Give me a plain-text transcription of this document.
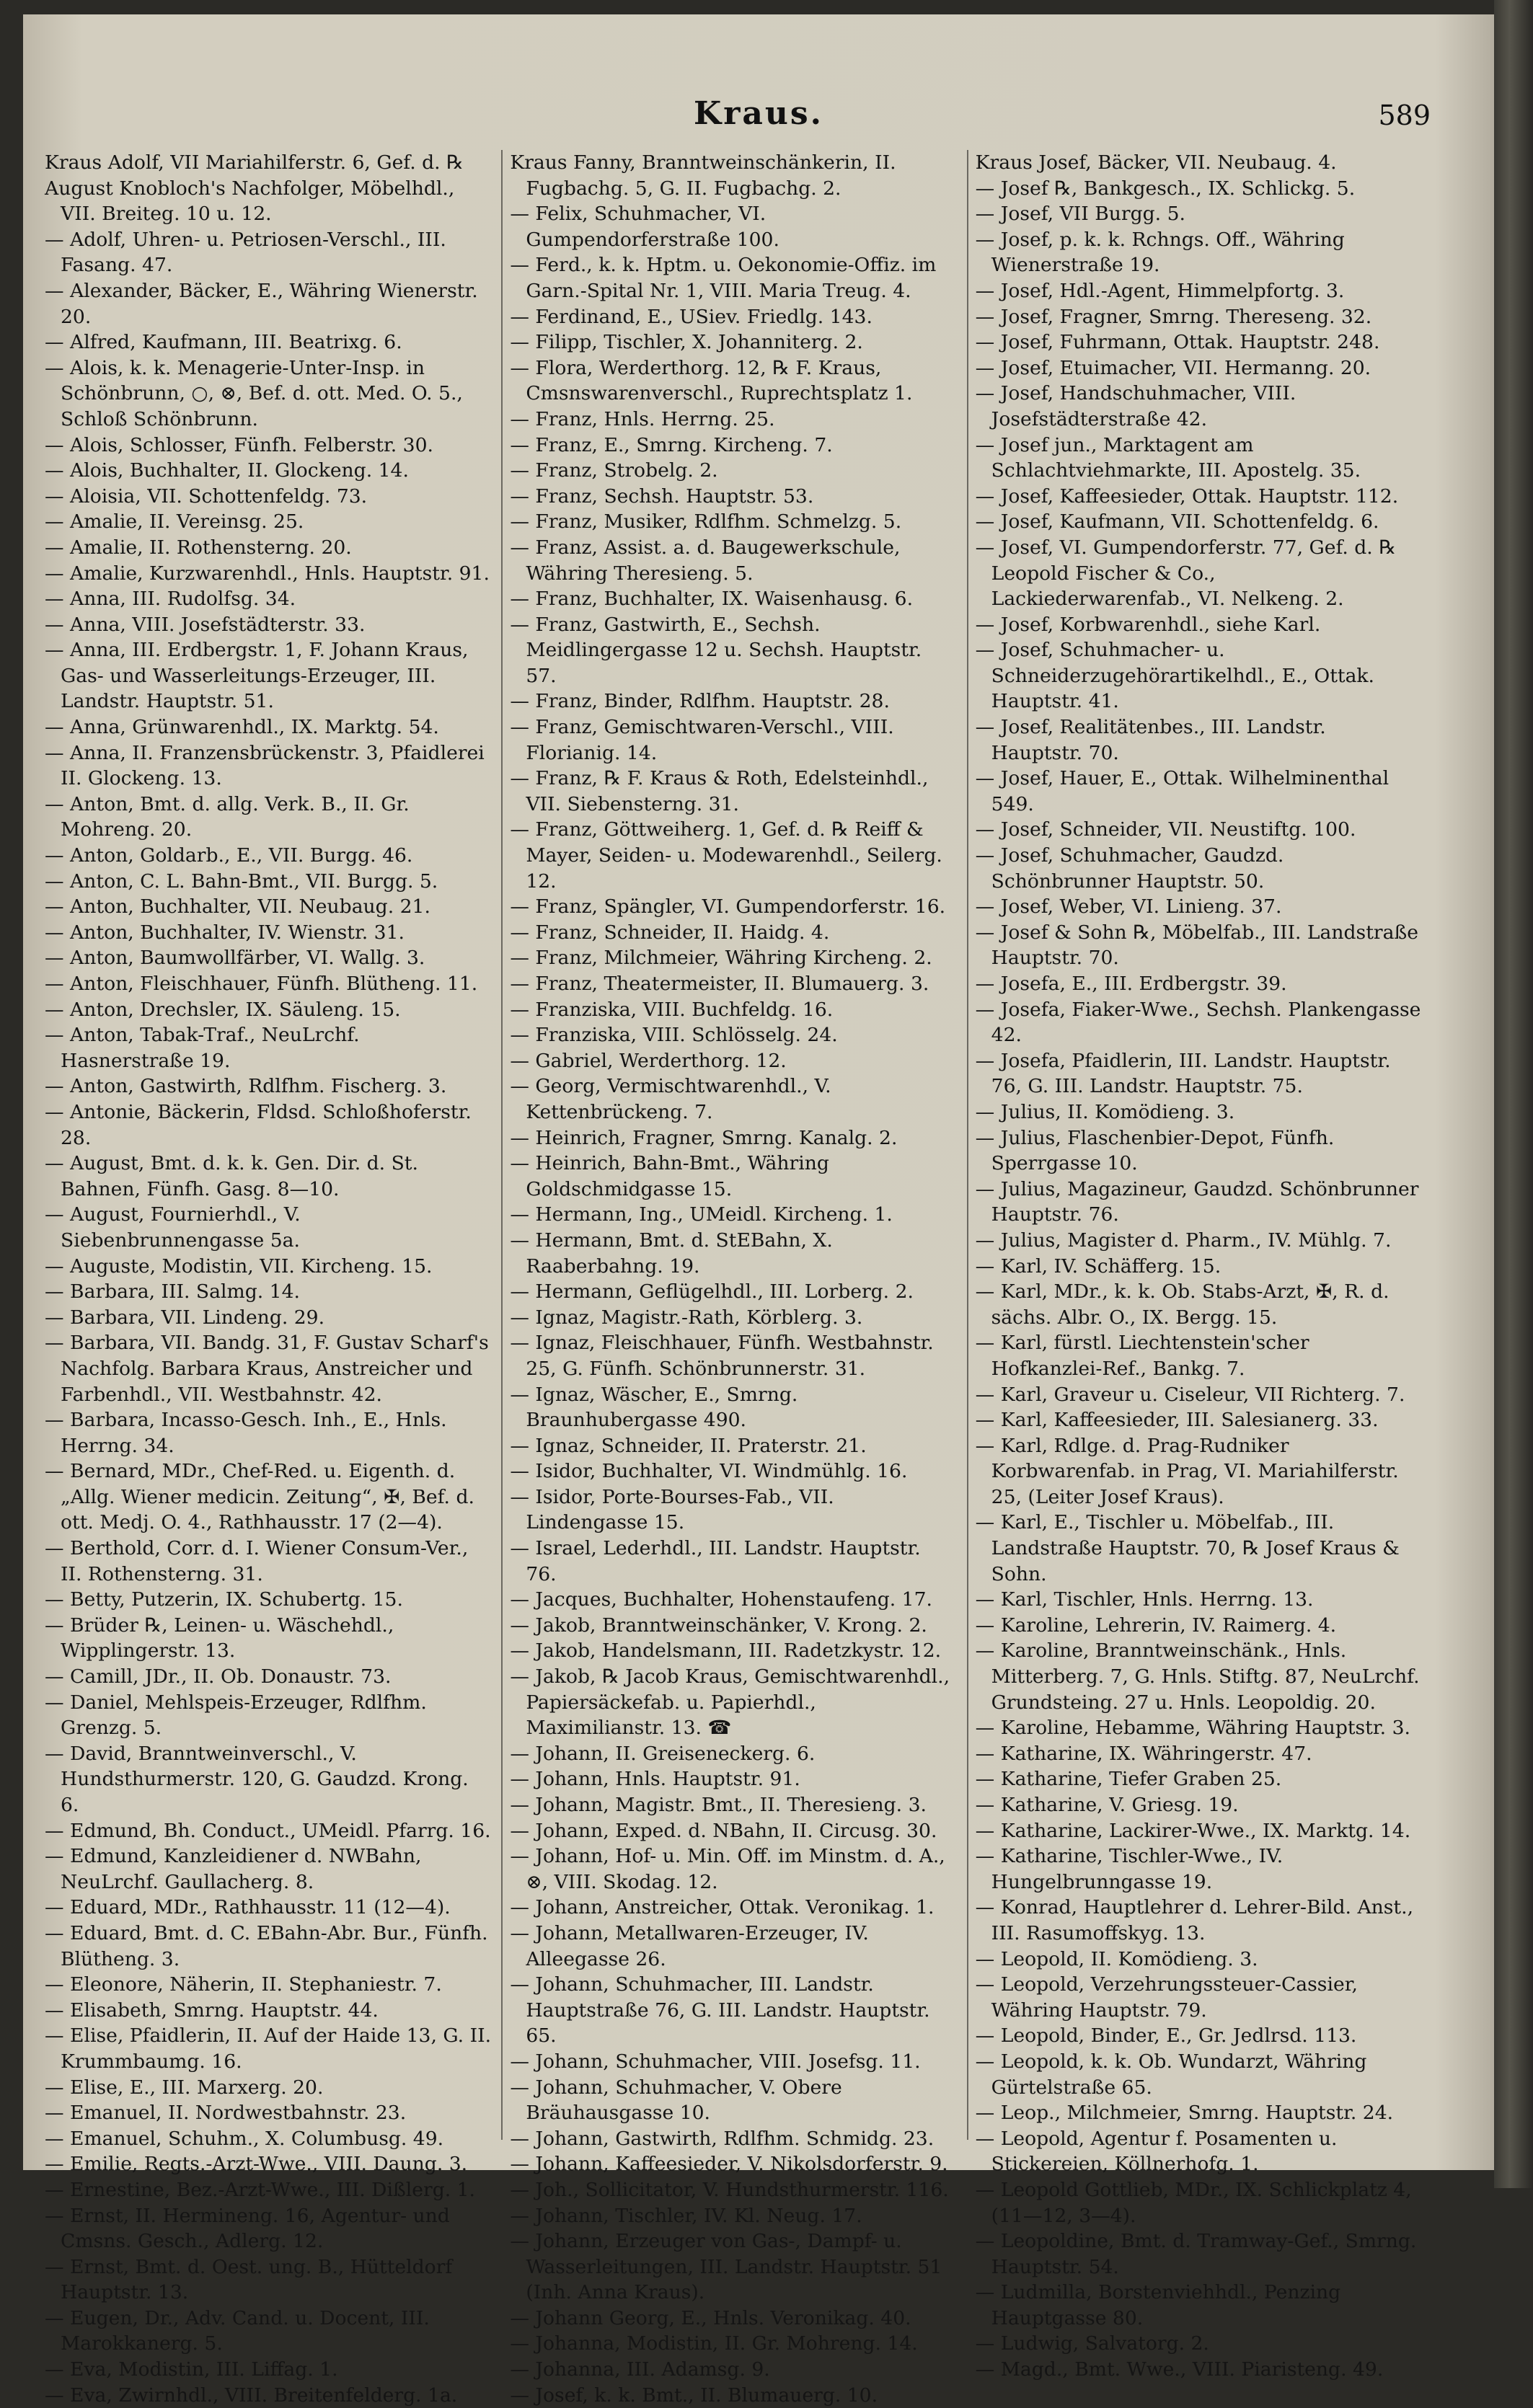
Kraus.	589

Kraus Adolf, VII Mariahilferstr. 6, Gef. d. ℞

August Knobloch's Nachfolger, Möbelhdl., VII. Breiteg. 10 u. 12.

— Adolf, Uhren- u. Petriosen-Verschl., III. Fasang. 47.

— Alexander, Bäcker, E., Währing Wienerstr. 20.

— Alfred, Kaufmann, III. Beatrixg. 6.

— Alois, k. k. Menagerie-Unter-Insp. in Schönbrunn, ○, ⊗, Bef. d. ott. Med. O. 5., Schloß Schönbrunn.

— Alois, Schlosser, Fünfh. Felberstr. 30.

— Alois, Buchhalter, II. Glockeng. 14.

— Aloisia, VII. Schottenfeldg. 73.

— Amalie, II. Vereinsg. 25.

— Amalie, II. Rothensterng. 20.

— Amalie, Kurzwarenhdl., Hnls. Hauptstr. 91.

— Anna, III. Rudolfsg. 34.

— Anna, VIII. Josefstädterstr. 33.

— Anna, III. Erdbergstr. 1, F. Johann Kraus, Gas- und Wasserleitungs-Erzeuger, III. Landstr. Hauptstr. 51.

— Anna, Grünwarenhdl., IX. Marktg. 54.

— Anna, II. Franzensbrückenstr. 3, Pfaidlerei II. Glockeng. 13.

— Anton, Bmt. d. allg. Verk. B., II. Gr. Mohreng. 20.

— Anton, Goldarb., E., VII. Burgg. 46.

— Anton, C. L. Bahn-Bmt., VII. Burgg. 5.

— Anton, Buchhalter, VII. Neubaug. 21.

— Anton, Buchhalter, IV. Wienstr. 31.

— Anton, Baumwollfärber, VI. Wallg. 3.

— Anton, Fleischhauer, Fünfh. Blütheng. 11.

— Anton, Drechsler, IX. Säuleng. 15.

— Anton, Tabak-Traf., NeuLrchf. Hasnerstraße 19.

— Anton, Gastwirth, Rdlfhm. Fischerg. 3.

— Antonie, Bäckerin, Fldsd. Schloßhoferstr. 28.

— August, Bmt. d. k. k. Gen. Dir. d. St. Bahnen, Fünfh. Gasg. 8—10.

— August, Fournierhdl., V. Siebenbrunnengasse 5a.

— Auguste, Modistin, VII. Kircheng. 15.

— Barbara, III. Salmg. 14.

— Barbara, VII. Lindeng. 29.

— Barbara, VII. Bandg. 31, F. Gustav Scharf's Nachfolg. Barbara Kraus, Anstreicher und Farbenhdl., VII. Westbahnstr. 42.

— Barbara, Incasso-Gesch. Inh., E., Hnls. Herrng. 34.

— Bernard, MDr., Chef-Red. u. Eigenth. d. „Allg. Wiener medicin. Zeitung“, ✠, Bef. d. ott. Medj. O. 4., Rathhausstr. 17 (2—4).

— Berthold, Corr. d. I. Wiener Consum-Ver., II. Rothensterng. 31.

— Betty, Putzerin, IX. Schubertg. 15.

— Brüder ℞, Leinen- u. Wäschehdl., Wipplingerstr. 13.

— Camill, JDr., II. Ob. Donaustr. 73.

— Daniel, Mehlspeis-Erzeuger, Rdlfhm. Grenzg. 5.

— David, Branntweinverschl., V. Hundsthurmerstr. 120, G. Gaudzd. Krong. 6.

— Edmund, Bh. Conduct., UMeidl. Pfarrg. 16.

— Edmund, Kanzleidiener d. NWBahn, NeuLrchf. Gaullacherg. 8.

— Eduard, MDr., Rathhausstr. 11 (12—4).

— Eduard, Bmt. d. C. EBahn-Abr. Bur., Fünfh. Blütheng. 3.

— Eleonore, Näherin, II. Stephaniestr. 7.

— Elisabeth, Smrng. Hauptstr. 44.

— Elise, Pfaidlerin, II. Auf der Haide 13, G. II. Krummbaumg. 16.

— Elise, E., III. Marxerg. 20.

— Emanuel, II. Nordwestbahnstr. 23.

— Emanuel, Schuhm., X. Columbusg. 49.

— Emilie, Regts.-Arzt-Wwe., VIII. Daung. 3.

— Ernestine, Bez.-Arzt-Wwe., III. Dißlerg. 1.

— Ernst, II. Hermineng. 16, Agentur- und Cmsns. Gesch., Adlerg. 12.

— Ernst, Bmt. d. Oest. ung. B., Hütteldorf Hauptstr. 13.

— Eugen, Dr., Adv. Cand. u. Docent, III. Marokkanerg. 5.

— Eva, Modistin, III. Liffag. 1.

— Eva, Zwirnhdl., VIII. Breitenfelderg. 1a.

Kraus Fanny, Branntweinschänkerin, II. Fugbachg. 5, G. II. Fugbachg. 2.

— Felix, Schuhmacher, VI. Gumpendorferstraße 100.

— Ferd., k. k. Hptm. u. Oekonomie-Offiz. im Garn.-Spital Nr. 1, VIII. Maria Treug. 4.

— Ferdinand, E., USiev. Friedlg. 143.

— Filipp, Tischler, X. Johanniterg. 2.

— Flora, Werderthorg. 12, ℞ F. Kraus, Cmsnswarenverschl., Ruprechtsplatz 1.

— Franz, Hnls. Herrng. 25.

— Franz, E., Smrng. Kircheng. 7.

— Franz, Strobelg. 2.

— Franz, Sechsh. Hauptstr. 53.

— Franz, Musiker, Rdlfhm. Schmelzg. 5.

— Franz, Assist. a. d. Baugewerkschule, Währing Theresieng. 5.

— Franz, Buchhalter, IX. Waisenhausg. 6.

— Franz, Gastwirth, E., Sechsh. Meidlingergasse 12 u. Sechsh. Hauptstr. 57.

— Franz, Binder, Rdlfhm. Hauptstr. 28.

— Franz, Gemischtwaren-Verschl., VIII. Florianig. 14.

— Franz, ℞ F. Kraus & Roth, Edelsteinhdl., VII. Siebensterng. 31.

— Franz, Göttweiherg. 1, Gef. d. ℞ Reiff & Mayer, Seiden- u. Modewarenhdl., Seilerg. 12.

— Franz, Spängler, VI. Gumpendorferstr. 16.

— Franz, Schneider, II. Haidg. 4.

— Franz, Milchmeier, Währing Kircheng. 2.

— Franz, Theatermeister, II. Blumauerg. 3.

— Franziska, VIII. Buchfeldg. 16.

— Franziska, VIII. Schlösselg. 24.

— Gabriel, Werderthorg. 12.

— Georg, Vermischtwarenhdl., V. Kettenbrückeng. 7.

— Heinrich, Fragner, Smrng. Kanalg. 2.

— Heinrich, Bahn-Bmt., Währing Goldschmidgasse 15.

— Hermann, Ing., UMeidl. Kircheng. 1.

— Hermann, Bmt. d. StEBahn, X. Raaberbahng. 19.

— Hermann, Geflügelhdl., III. Lorberg. 2.

— Ignaz, Magistr.-Rath, Körblerg. 3.

— Ignaz, Fleischhauer, Fünfh. Westbahnstr. 25, G. Fünfh. Schönbrunnerstr. 31.

— Ignaz, Wäscher, E., Smrng. Braunhubergasse 490.

— Ignaz, Schneider, II. Praterstr. 21.

— Isidor, Buchhalter, VI. Windmühlg. 16.

— Isidor, Porte-Bourses-Fab., VII. Lindengasse 15.

— Israel, Lederhdl., III. Landstr. Hauptstr. 76.

— Jacques, Buchhalter, Hohenstaufeng. 17.

— Jakob, Branntweinschänker, V. Krong. 2.

— Jakob, Handelsmann, III. Radetzkystr. 12.

— Jakob, ℞ Jacob Kraus, Gemischtwarenhdl., Papiersäckefab. u. Papierhdl., Maximilianstr. 13. ☎

— Johann, II. Greiseneckerg. 6.

— Johann, Hnls. Hauptstr. 91.

— Johann, Magistr. Bmt., II. Theresieng. 3.

— Johann, Exped. d. NBahn, II. Circusg. 30.

— Johann, Hof- u. Min. Off. im Minstm. d. A., ⊗, VIII. Skodag. 12.

— Johann, Anstreicher, Ottak. Veronikag. 1.

— Johann, Metallwaren-Erzeuger, IV. Alleegasse 26.

— Johann, Schuhmacher, III. Landstr. Hauptstraße 76, G. III. Landstr. Hauptstr. 65.

— Johann, Schuhmacher, VIII. Josefsg. 11.

— Johann, Schuhmacher, V. Obere Bräuhausgasse 10.

— Johann, Gastwirth, Rdlfhm. Schmidg. 23.

— Johann, Kaffeesieder, V. Nikolsdorferstr. 9.

— Joh., Sollicitator, V. Hundsthurmerstr. 116.

— Johann, Tischler, IV. Kl. Neug. 17.

— Johann, Erzeuger von Gas-, Dampf- u. Wasserleitungen, III. Landstr. Hauptstr. 51 (Inh. Anna Kraus).

— Johann Georg, E., Hnls. Veronikag. 40.

— Johanna, Modistin, II. Gr. Mohreng. 14.

— Johanna, III. Adamsg. 9.

— Josef, k. k. Bmt., II. Blumauerg. 10.

Kraus Josef, Bäcker, VII. Neubaug. 4.

— Josef ℞, Bankgesch., IX. Schlickg. 5.

— Josef, VII Burgg. 5.

— Josef, p. k. k. Rchngs. Off., Währing Wienerstraße 19.

— Josef, Hdl.-Agent, Himmelpfortg. 3.

— Josef, Fragner, Smrng. Thereseng. 32.

— Josef, Fuhrmann, Ottak. Hauptstr. 248.

— Josef, Etuimacher, VII. Hermanng. 20.

— Josef, Handschuhmacher, VIII. Josefstädterstraße 42.

— Josef jun., Marktagent am Schlachtviehmarkte, III. Apostelg. 35.

— Josef, Kaffeesieder, Ottak. Hauptstr. 112.

— Josef, Kaufmann, VII. Schottenfeldg. 6.

— Josef, VI. Gumpendorferstr. 77, Gef. d. ℞ Leopold Fischer & Co., Lackiederwarenfab., VI. Nelkeng. 2.

— Josef, Korbwarenhdl., siehe Karl.

— Josef, Schuhmacher- u. Schneiderzugehörartikelhdl., E., Ottak. Hauptstr. 41.

— Josef, Realitätenbes., III. Landstr. Hauptstr. 70.

— Josef, Hauer, E., Ottak. Wilhelminenthal 549.

— Josef, Schneider, VII. Neustiftg. 100.

— Josef, Schuhmacher, Gaudzd. Schönbrunner Hauptstr. 50.

— Josef, Weber, VI. Linieng. 37.

— Josef & Sohn ℞, Möbelfab., III. Landstraße Hauptstr. 70.

— Josefa, E., III. Erdbergstr. 39.

— Josefa, Fiaker-Wwe., Sechsh. Plankengasse 42.

— Josefa, Pfaidlerin, III. Landstr. Hauptstr. 76, G. III. Landstr. Hauptstr. 75.

— Julius, II. Komödieng. 3.

— Julius, Flaschenbier-Depot, Fünfh. Sperrgasse 10.

— Julius, Magazineur, Gaudzd. Schönbrunner Hauptstr. 76.

— Julius, Magister d. Pharm., IV. Mühlg. 7.

— Karl, IV. Schäfferg. 15.

— Karl, MDr., k. k. Ob. Stabs-Arzt, ✠, R. d. sächs. Albr. O., IX. Bergg. 15.

— Karl, fürstl. Liechtenstein'scher Hofkanzlei-Ref., Bankg. 7.

— Karl, Graveur u. Ciseleur, VII Richterg. 7.

— Karl, Kaffeesieder, III. Salesianerg. 33.

— Karl, Rdlge. d. Prag-Rudniker Korbwarenfab. in Prag, VI. Mariahilferstr. 25, (Leiter Josef Kraus).

— Karl, E., Tischler u. Möbelfab., III. Landstraße Hauptstr. 70, ℞ Josef Kraus & Sohn.

— Karl, Tischler, Hnls. Herrng. 13.

— Karoline, Lehrerin, IV. Raimerg. 4.

— Karoline, Branntweinschänk., Hnls. Mitterberg. 7, G. Hnls. Stiftg. 87, NeuLrchf. Grundsteing. 27 u. Hnls. Leopoldig. 20.

— Karoline, Hebamme, Währing Hauptstr. 3.

— Katharine, IX. Währingerstr. 47.

— Katharine, Tiefer Graben 25.

— Katharine, V. Griesg. 19.

— Katharine, Lackirer-Wwe., IX. Marktg. 14.

— Katharine, Tischler-Wwe., IV. Hungelbrunngasse 19.

— Konrad, Hauptlehrer d. Lehrer-Bild. Anst., III. Rasumoffskyg. 13.

— Leopold, II. Komödieng. 3.

— Leopold, Verzehrungssteuer-Cassier, Währing Hauptstr. 79.

— Leopold, Binder, E., Gr. Jedlrsd. 113.

— Leopold, k. k. Ob. Wundarzt, Währing Gürtelstraße 65.

— Leop., Milchmeier, Smrng. Hauptstr. 24.

— Leopold, Agentur f. Posamenten u. Stickereien, Köllnerhofg. 1.

— Leopold Gottlieb, MDr., IX. Schlickplatz 4, (11—12, 3—4).

— Leopoldine, Bmt. d. Tramway-Gef., Smrng. Hauptstr. 54.

— Ludmilla, Borstenviehhdl., Penzing Hauptgasse 80.

— Ludwig, Salvatorg. 2.

— Magd., Bmt. Wwe., VIII. Piaristeng. 49.
